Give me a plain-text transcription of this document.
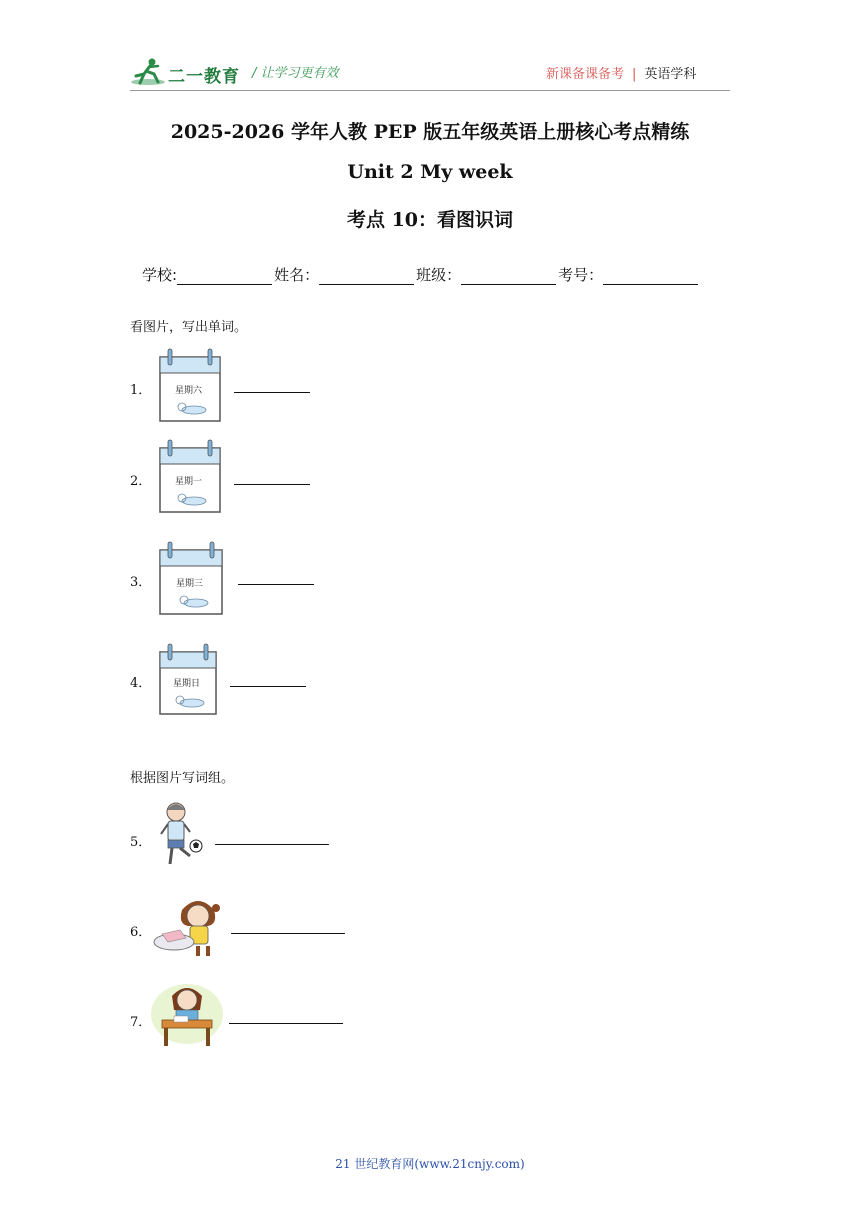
二一教育 / 让学习更有效	新课备课备考 | 英语学科
2025-2026 学年人教 PEP 版五年级英语上册核心考点精练
Unit 2 My week
考点 10：看图识词
学校:	姓名：	班级：	考号：
看图片，写出单词。
1．	星期六
2．	星期一
3．	星期三
4． 星期日
根据图片写词组。
5．
6．
7．
21 世纪教育网(www.21cnjy.com)
